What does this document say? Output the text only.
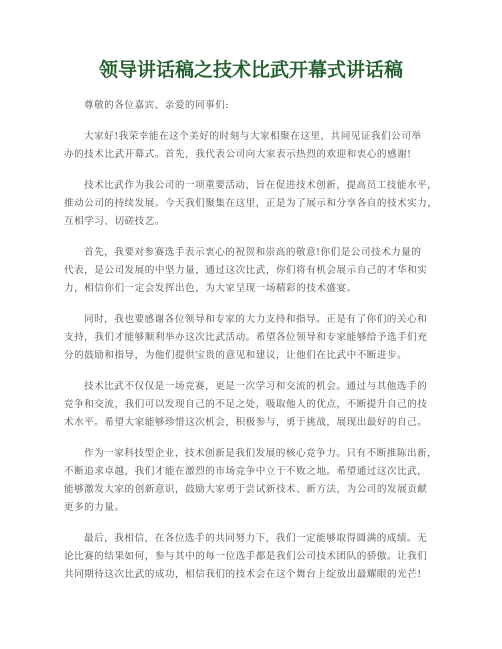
领导讲话稿之技术比武开幕式讲话稿
尊敬的各位嘉宾、亲爱的同事们:
大家好!我荣幸能在这个美好的时刻与大家相聚在这里，共同见证我们公司举
办的技术比武开幕式。首先，我代表公司向大家表示热烈的欢迎和衷心的感谢!
技术比武作为我公司的一项重要活动，旨在促进技术创新，提高员工技能水平，
推动公司的持续发展。今天我们聚集在这里，正是为了展示和分享各自的技术实力，
互相学习、切磋技艺。
首先，我要对参赛选手表示衷心的祝贺和崇高的敬意!你们是公司技术力量的
代表，是公司发展的中坚力量，通过这次比武，你们将有机会展示自己的才华和实
力，相信你们一定会发挥出色，为大家呈现一场精彩的技术盛宴。
同时，我也要感谢各位领导和专家的大力支持和指导。正是有了你们的关心和
支持，我们才能够顺利举办这次比武活动。希望各位领导和专家能够给予选手们充
分的鼓励和指导，为他们提供宝贵的意见和建议，让他们在比武中不断进步。
技术比武不仅仅是一场竞赛，更是一次学习和交流的机会。通过与其他选手的
竞争和交流，我们可以发现自己的不足之处，吸取他人的优点，不断提升自己的技
术水平。希望大家能够珍惜这次机会，积极参与，勇于挑战，展现出最好的自己。
作为一家科技型企业，技术创新是我们发展的核心竞争力。只有不断推陈出新，
不断追求卓越，我们才能在激烈的市场竞争中立于不败之地。希望通过这次比武，
能够激发大家的创新意识，鼓励大家勇于尝试新技术、新方法，为公司的发展贡献
更多的力量。
最后，我相信，在各位选手的共同努力下，我们一定能够取得圆满的成绩。无
论比赛的结果如何，参与其中的每一位选手都是我们公司技术团队的骄傲。让我们
共同期待这次比武的成功，相信我们的技术会在这个舞台上绽放出最耀眼的光芒!
